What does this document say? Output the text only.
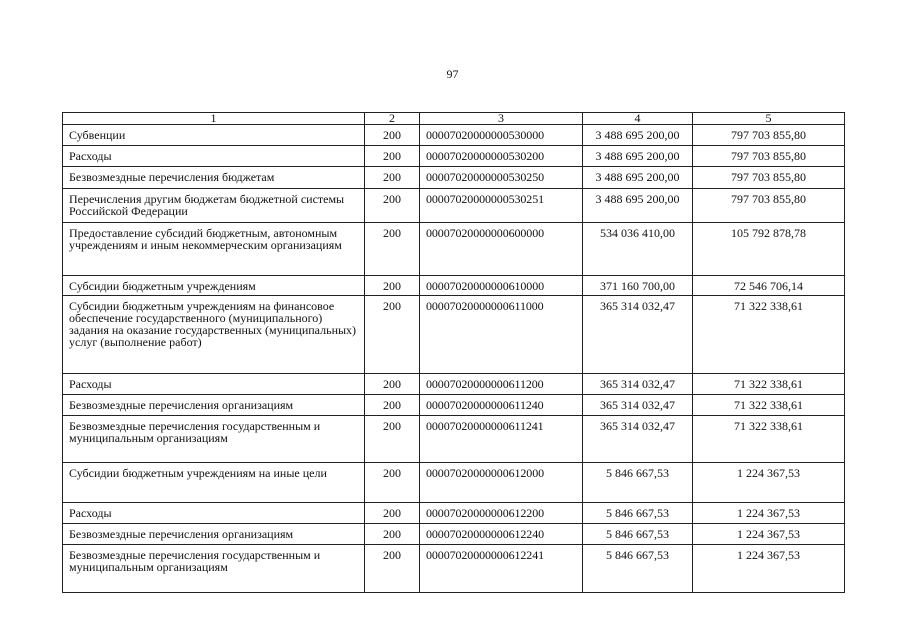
97
1	2	3	4	5
Субвенции	200	00007020000000530000	3 488 695 200,00	797 703 855,80
Расходы	200	00007020000000530200	3 488 695 200,00	797 703 855,80
Безвозмездные перечисления бюджетам	200	00007020000000530250	3 488 695 200,00	797 703 855,80
Перечисления другим бюджетам бюджетной системы Российской Федерации	200	00007020000000530251	3 488 695 200,00	797 703 855,80
Предоставление субсидий бюджетным, автономным учреждениям и иным некоммерческим организациям	200	00007020000000600000	534 036 410,00	105 792 878,78
Субсидии бюджетным учреждениям	200	00007020000000610000	371 160 700,00	72 546 706,14
Субсидии бюджетным учреждениям на финансовое обеспечение государственного (муниципального) задания на оказание государственных (муниципальных) услуг (выполнение работ)	200	00007020000000611000	365 314 032,47	71 322 338,61
Расходы	200	00007020000000611200	365 314 032,47	71 322 338,61
Безвозмездные перечисления организациям	200	00007020000000611240	365 314 032,47	71 322 338,61
Безвозмездные перечисления государственным и муниципальным организациям	200	00007020000000611241	365 314 032,47	71 322 338,61
Субсидии бюджетным учреждениям на иные цели	200	00007020000000612000	5 846 667,53	1 224 367,53
Расходы	200	00007020000000612200	5 846 667,53	1 224 367,53
Безвозмездные перечисления организациям	200	00007020000000612240	5 846 667,53	1 224 367,53
Безвозмездные перечисления государственным и муниципальным организациям	200	00007020000000612241	5 846 667,53	1 224 367,53
